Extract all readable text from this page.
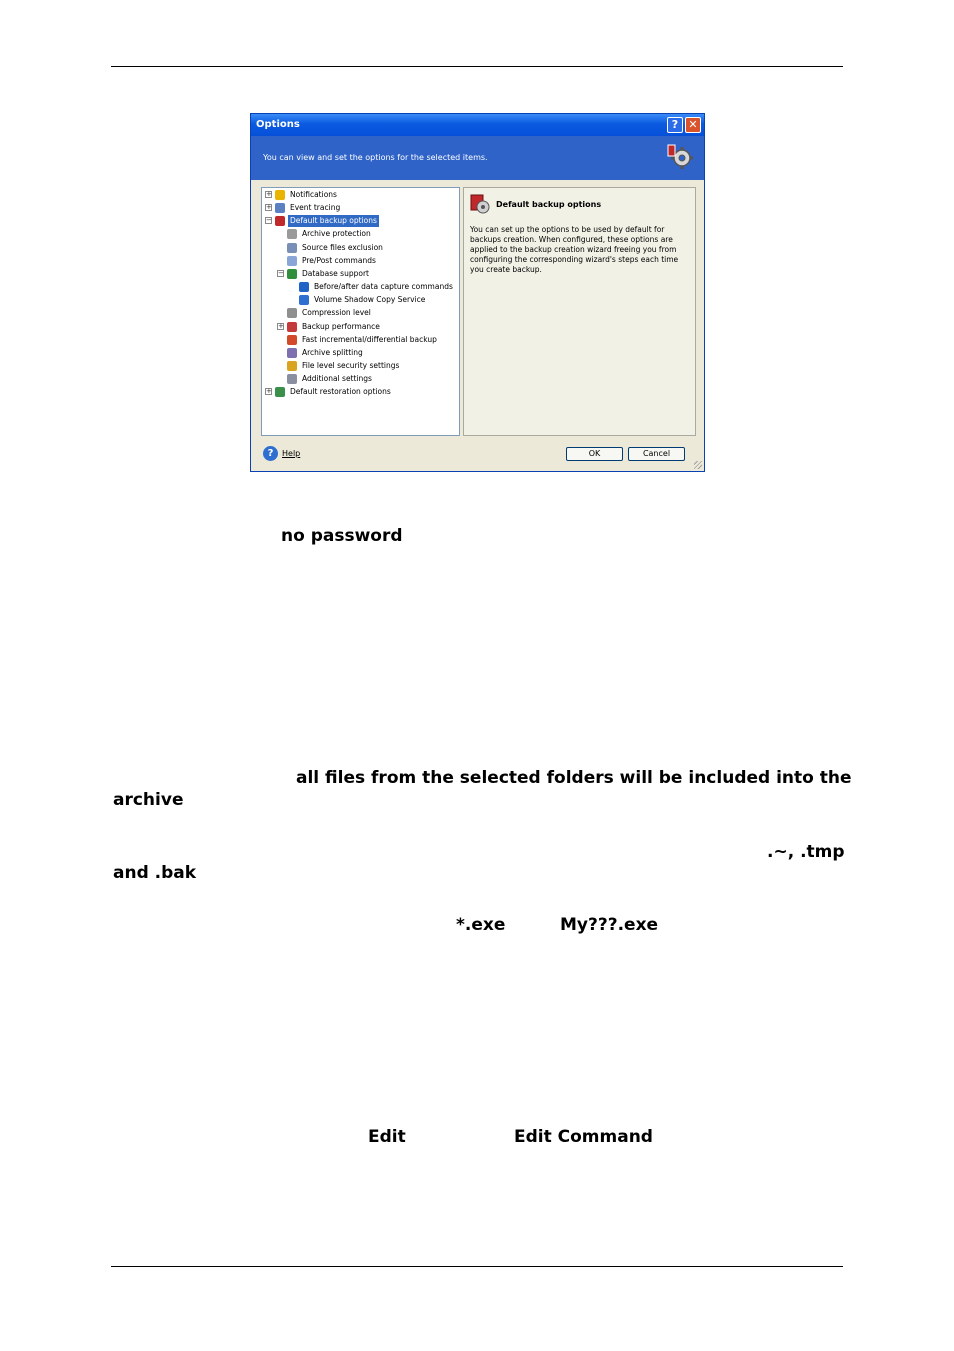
Options	? ✕
You can view and set the options for the selected items.
+ Notifications
+ Event tracing
− Default backup options
Archive protection
Source files exclusion
Pre/Post commands
− Database support
Before/after data capture commands
Volume Shadow Copy Service
Compression level
+ Backup performance
Fast incremental/differential backup
Archive splitting
File level security settings
Additional settings
+ Default restoration options
Default backup options
You can set up the options to be used by default for backups creation. When configured, these options are applied to the backup creation wizard freeing you from configuring the corresponding wizard's steps each time you create backup.
?	Help	OK	Cancel
no password
all files from the selected folders will be included into the
archive
.~, .tmp
and .bak
*.exe	My???.exe
Edit	Edit Command
